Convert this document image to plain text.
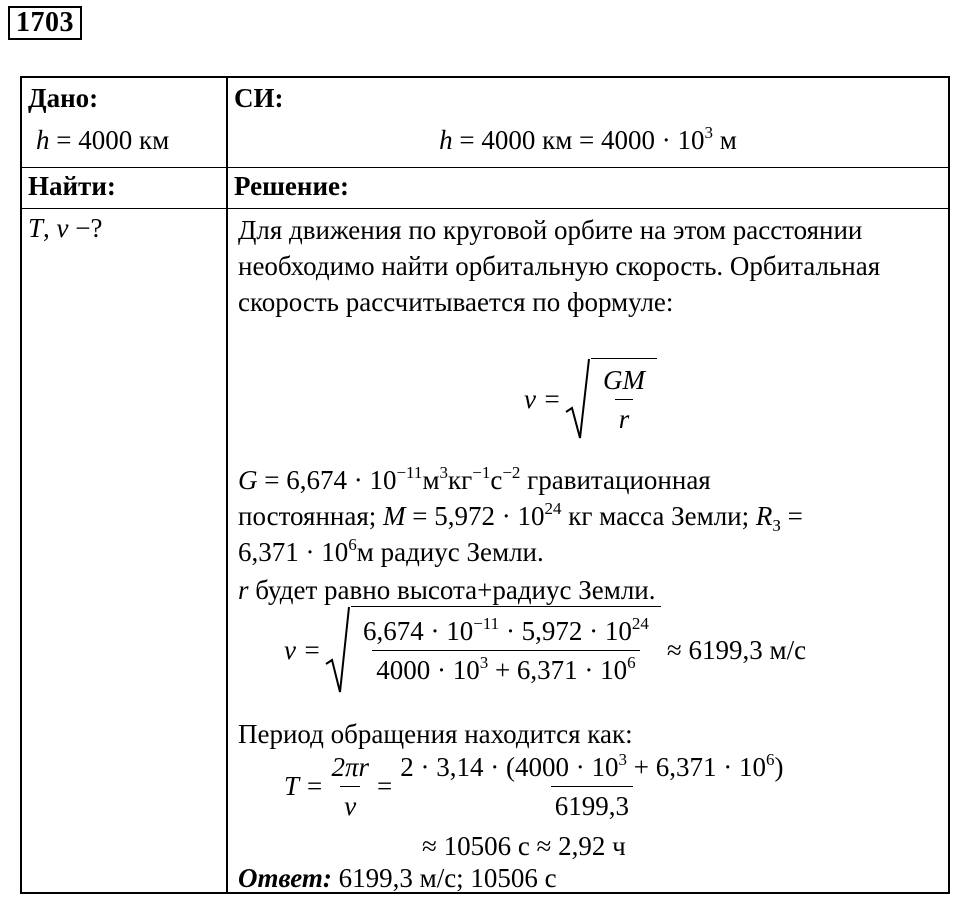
1703
Дано:
h = 4000 км
Найти:
T, v −?
СИ:
h = 4000 км = $4000 \cdot 10^3$ м
Решение:
Для движения по круговой орбите на этом расстоянии необходимо найти орбитальную скорость. Орбитальная скорость рассчитывается по формуле:
$v = \frac{GM}{r}$
$G = 6,674 \cdot 10^{-11}м^3кг^{-1}с^{-2}$ гравитационная
постоянная; $M = 5,972 \cdot 10^{24}$ кг масса Земли; $R_З$ =
$6,371 \cdot 10^6м$ радиус Земли.
r будет равно высота+радиус Земли.
$v = \frac{6,674 \cdot 10^{-11} \cdot 5,972 \cdot 10^{24}}{4000 \cdot 10^3 + 6,371 \cdot 10^6} \approx 6199,3$ м/с
Период обращения находится как:
$T = \frac{2\pi r}{v} = \frac{2 \cdot 3,14 \cdot (4000 \cdot 10^3 + 6,371 \cdot 10^6)}{6199,3}$
≈ 10506 с ≈ 2,92 ч
Ответ: 6199,3 м/с; 10506 с
